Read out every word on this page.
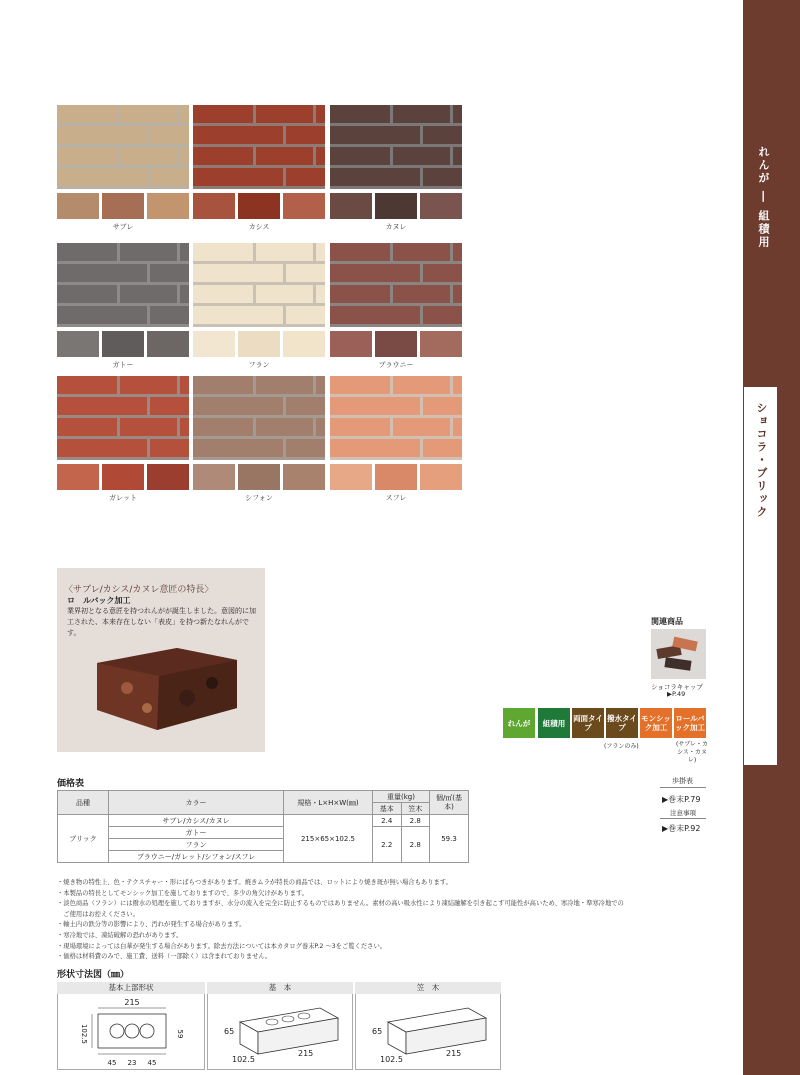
れんが ― 組積用
ショコラ・ブリック
サブレ	カシス	カヌレ
ガトー	フラン	ブラウニー
ガレット	シフォン	スフレ
〈サブレ/カシス/カヌレ意匠の特長〉
ロ　ルバック加工
業界初となる意匠を持つれんがが誕生しました。意図的に加工された、本来存在しない「表皮」を持つ新たなれんがです。
関連商品
ショコラキャップ
▶P.49
れんが	組積用	両面タイプ
撥水タイプ
モンシック加工
ロールバック加工
(フランのみ)	(サブレ・カシス・カヌレ)
歩掛表
▶巻末P.79
注意事項
▶巻末P.92
価格表
品種	カラー	規格・L×H×W(㎜)	重量(kg)		個/㎡(基本)
			基本	笠木	
ブリック	サブレ/カシス/カヌレ	215×65×102.5	2.4	2.8	59.3
	ガトー		2.2	2.8	
	フラン				
	ブラウニー/ガレット/シフォン/スフレ				
・焼き物の特性上、色・テクスチャー・形にばらつきがあります。焼きムラが特長の商品では、ロットにより焼き斑が無い場合もあります。
・本製品の特長としてモンシック加工を施しておりますので、多少の角欠けがあります。
・淡色商品（フラン）には撥水の処理を施しておりますが、水分の流入を完全に防止するものではありません。素材の高い吸水性により凍結融解を引き起こす可能性が高いため、寒冷地・準寒冷地での
　ご使用はお控えください。
・軸土内の鉄分等の影響により、汚れが発生する場合があります。
・寒冷地では、凍結破解の恐れがあります。
・現場環境によっては白華が発生する場合があります。除去方法については本カタログ巻末P.2 ～3をご覧ください。
・価格は材料費のみで、施工費、送料（一部除く）は含まれておりません。
形状寸法図（㎜）
基本上部形状	基　本	笠　木
215
102.5	59
45 23 45
65
102.5
215
65
102.5
215
